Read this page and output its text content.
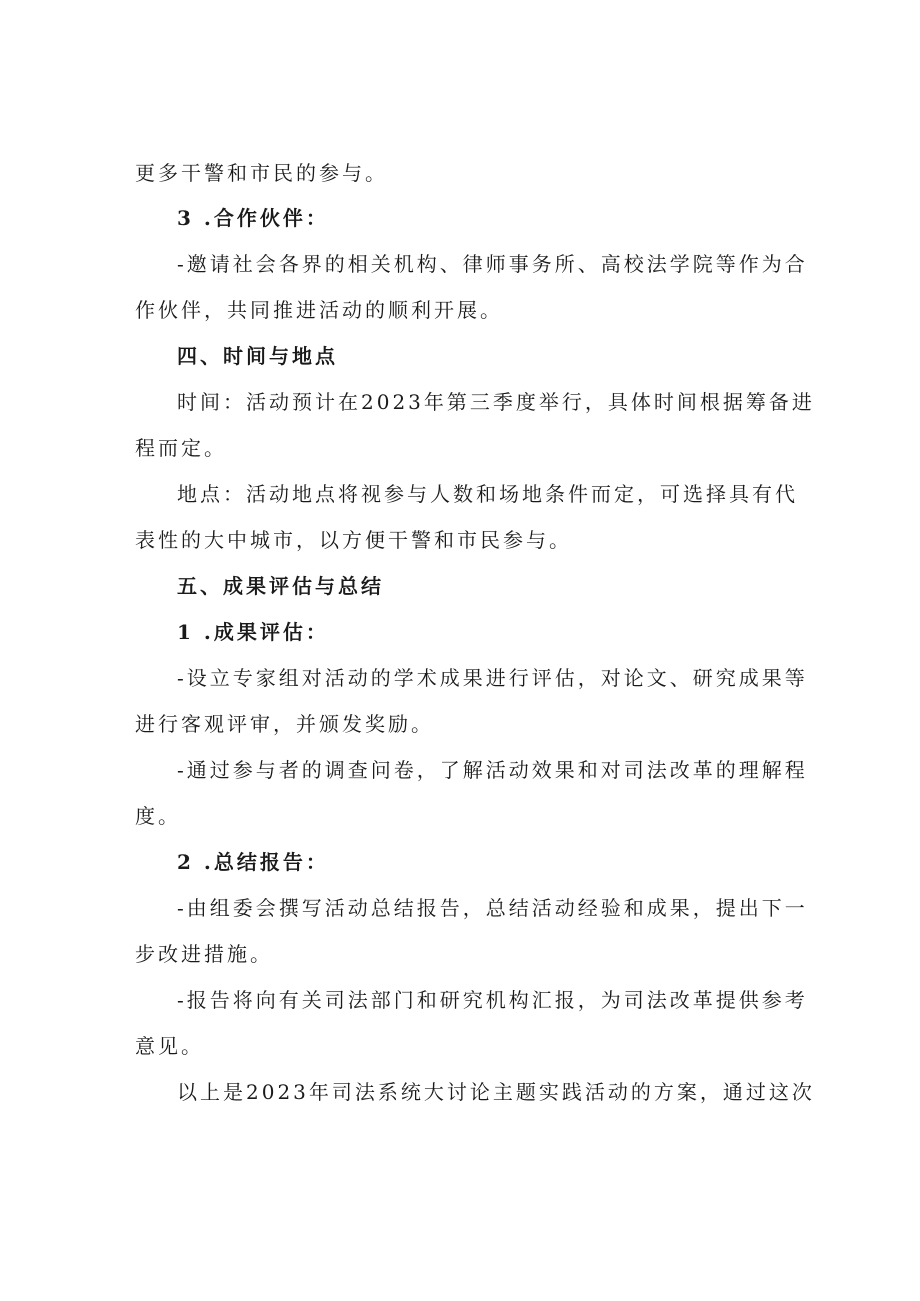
更多干警和市民的参与。
3 .合作伙伴：
-邀请社会各界的相关机构、律师事务所、高校法学院等作为合
作伙伴，共同推进活动的顺利开展。
四、时间与地点
时间：活动预计在2023年第三季度举行，具体时间根据筹备进
程而定。
地点：活动地点将视参与人数和场地条件而定，可选择具有代
表性的大中城市，以方便干警和市民参与。
五、成果评估与总结
1 .成果评估：
-设立专家组对活动的学术成果进行评估，对论文、研究成果等
进行客观评审，并颁发奖励。
-通过参与者的调查问卷，了解活动效果和对司法改革的理解程
度。
2 .总结报告：
-由组委会撰写活动总结报告，总结活动经验和成果，提出下一
步改进措施。
-报告将向有关司法部门和研究机构汇报，为司法改革提供参考
意见。
以上是2023年司法系统大讨论主题实践活动的方案，通过这次
